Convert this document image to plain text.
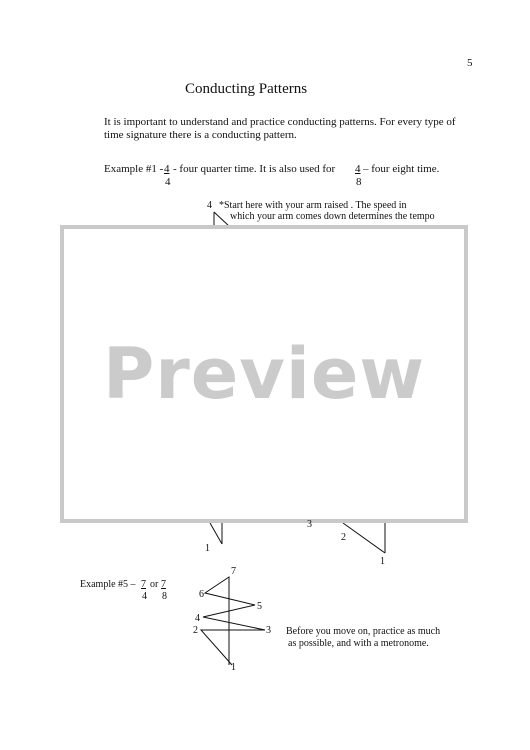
5
Conducting Patterns
It is important to understand and practice conducting patterns. For every type of
time signature there is a conducting pattern.
Example #1 - 4
4
- four quarter time. It is also used for 4
8
– four eight time.
4 *Start here with your arm raised . The speed in
which your arm comes down determines the tempo
Preview
1
3
2
1
Example #5 – 7
4
or 7
8
7
6
5
4
3
2
1
Before you move on, practice as much
as possible, and with a metronome.
